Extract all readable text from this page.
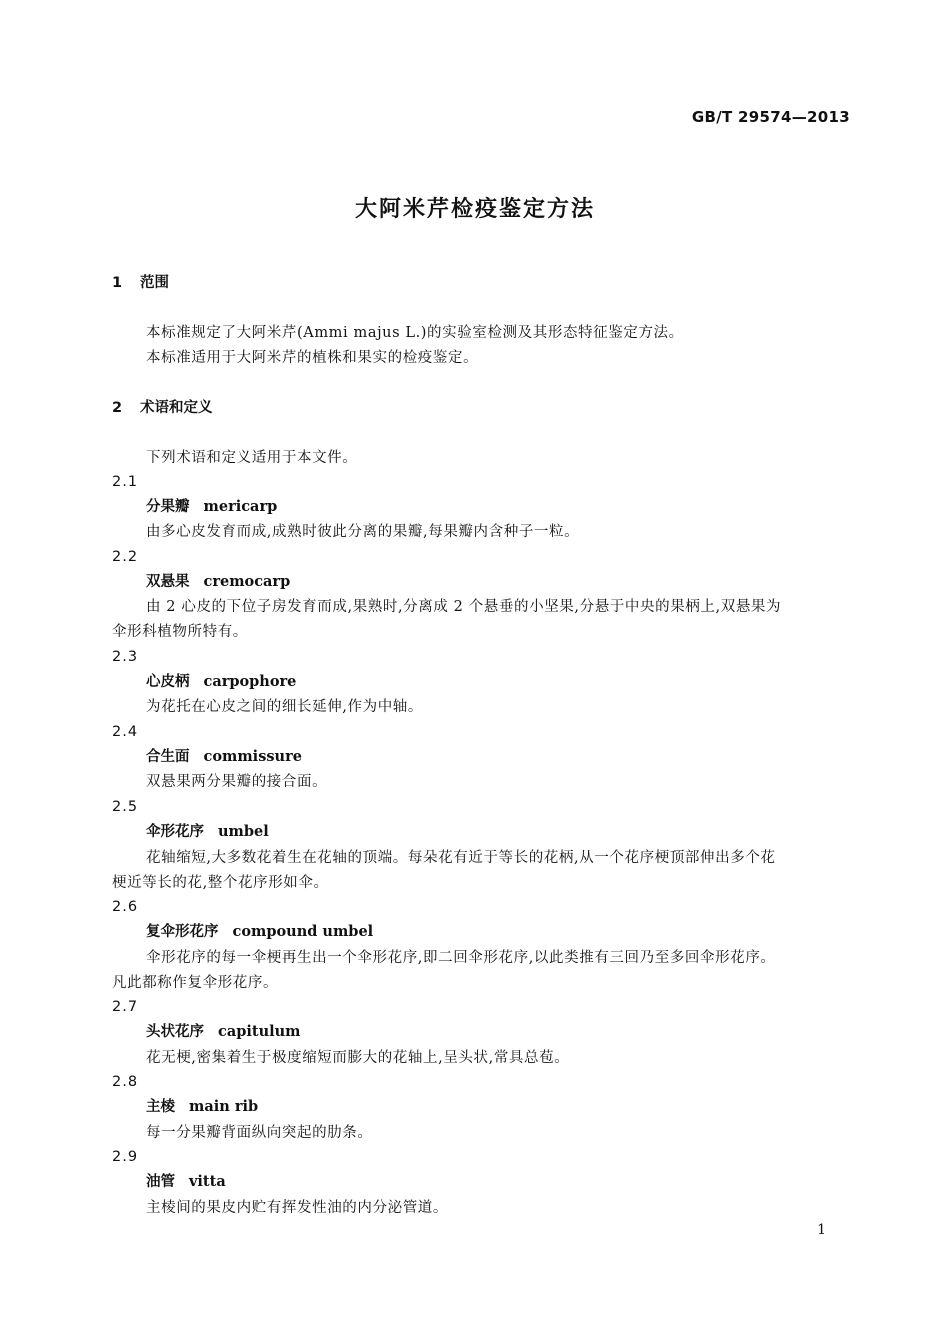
GB/T 29574—2013
大阿米芹检疫鉴定方法
1 范围
本标准规定了大阿米芹(Ammi majus L.)的实验室检测及其形态特征鉴定方法。
本标准适用于大阿米芹的植株和果实的检疫鉴定。
2 术语和定义
下列术语和定义适用于本文件。
2.1
分果瓣 mericarp
由多心皮发育而成,成熟时彼此分离的果瓣,每果瓣内含种子一粒。
2.2
双悬果 cremocarp
由 2 心皮的下位子房发育而成,果熟时,分离成 2 个悬垂的小坚果,分悬于中央的果柄上,双悬果为
伞形科植物所特有。
2.3
心皮柄 carpophore
为花托在心皮之间的细长延伸,作为中轴。
2.4
合生面 commissure
双悬果两分果瓣的接合面。
2.5
伞形花序 umbel
花轴缩短,大多数花着生在花轴的顶端。每朵花有近于等长的花柄,从一个花序梗顶部伸出多个花
梗近等长的花,整个花序形如伞。
2.6
复伞形花序 compound umbel
伞形花序的每一伞梗再生出一个伞形花序,即二回伞形花序,以此类推有三回乃至多回伞形花序。
凡此都称作复伞形花序。
2.7
头状花序 capitulum
花无梗,密集着生于极度缩短而膨大的花轴上,呈头状,常具总苞。
2.8
主棱 main rib
每一分果瓣背面纵向突起的肋条。
2.9
油管 vitta
主棱间的果皮内贮有挥发性油的内分泌管道。
1
